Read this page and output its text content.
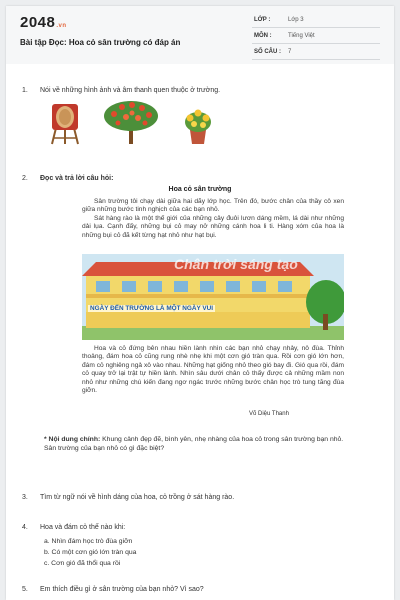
2048.vn
Bài tập Đọc: Hoa cỏ sân trường có đáp án
LỚP :	Lớp 3
MÔN :	Tiếng Việt
SỐ CÂU : 7
1. Nói về những hình ảnh và âm thanh quen thuộc ở trường.
2. Đọc và trả lời câu hỏi:
Hoa cỏ sân trường

Sân trường tôi chạy dài giữa hai dãy lớp học. Trên đó, bước chân của thầy cô xen giữa những bước tinh nghịch của các bạn nhỏ.

Sát hàng rào là một thế giới của những cây đuôi lươn dáng mềm, lá dài như những dải lụa. Cạnh đấy, những bụi cỏ may nở những cánh hoa li ti. Hàng xóm của hoa là những bụi cỏ đã kết từng hạt nhỏ như hạt bụi.

Chân trời sáng tạo
NGÀY ĐẾN TRƯỜNG LÀ MỘT NGÀY VUI

Hoa và cỏ đứng bên nhau hiền lành nhìn các bạn nhỏ chạy nhảy, nô đùa. Thỉnh thoảng, đám hoa cỏ cũng rung nhè nhẹ khi một cơn gió tràn qua. Rồi cơn gió lớn hơn, đám cỏ nghiêng ngả xô vào nhau. Những hạt giống nhỏ theo gió bay đi. Gió qua rồi, đám cỏ quay trở lại trật tự hiền lành. Nhìn sâu dưới chân cỏ thấy được cả những mầm non nhỏ như những chú kiến đang ngơ ngác trước những bước chân học trò tung tăng đùa giỡn.

Võ Diệu Thanh
* Nội dung chính: Khung cảnh đẹp đẽ, bình yên, nhẹ nhàng của hoa cỏ trong sân trường bạn nhỏ.
Sân trường của bạn nhỏ có gì đặc biệt?
3. Tìm từ ngữ nói về hình dáng của hoa, cỏ trồng ở sát hàng rào.
4. Hoa và đám cỏ thế nào khi:
a. Nhìn đám học trò đùa giỡn
b. Có một cơn gió lớn tràn qua
c. Cơn gió đã thổi qua rồi
5. Em thích điều gì ở sân trường của bạn nhỏ? Vì sao?
